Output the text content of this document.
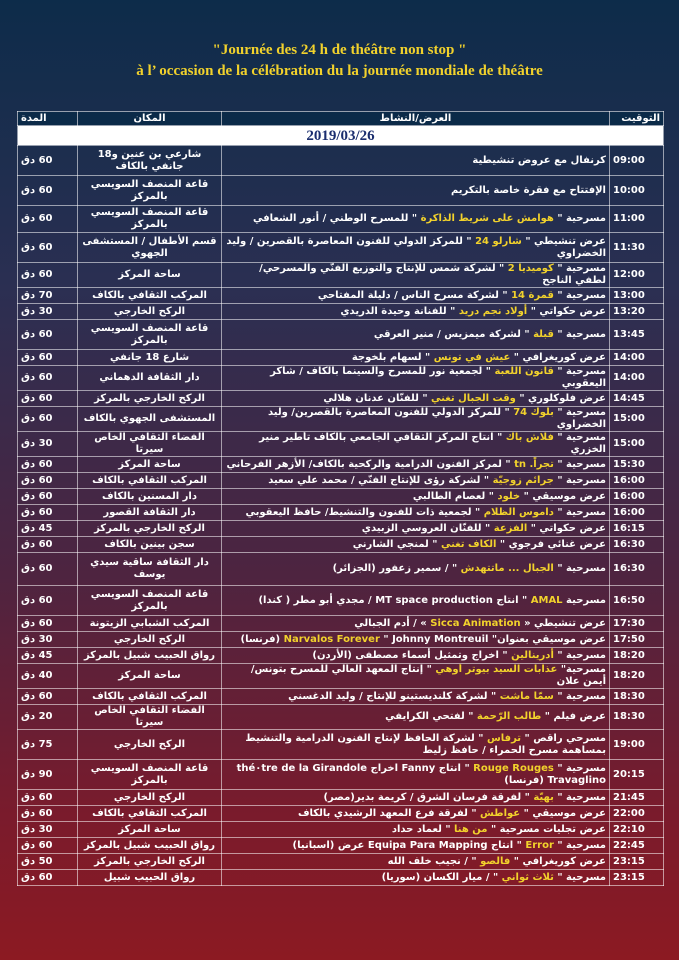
"Journée des 24 h de théâtre non stop "
à l’ occasion de la célébration du la journée mondiale de théâtre
التوقيت	العرض/النشاط	المكان	المدة
2019/03/26			
09:00	كرنفال مع عروض تنشيطية	شارعي بن عنين و18 جانفي بالكاف	60 دق
10:00	الإفتتاح مع فقرة خاصة بالتكريم	قاعة المنصف السويسي بالمركز	60 دق
11:00	مسرحية " هوامش على شريط الذاكرة " للمسرح الوطني / أنور الشعافي	قاعة المنصف السويسي بالمركز	60 دق
11:30	عرض تنشيطي " شارلو 24 " للمركز الدولي للفنون المعاصرة بالقصرين / وليد الخضراوي	قسم الأطفال / المستشفى الجهوي	60 دق
12:00	مسرحية " كوميديا 2 " لشركة شمس للإنتاج والتوزيع الفنّي والمسرحي/ لطفي الناجح	ساحة المركز	60 دق
13:00	مسرحية " قمرة 14 " لشركة مسرح الناس / دليلة المفتاحي	المركب الثقافي بالكاف	70 دق
13:20	عرض حكواتي " أولاد نجم دريد " للفنانة وحيدة الدريدي	الركح الخارجي	30 دق
13:45	مسرحية " قبلة " لشركة ميمزيس / منير العرقي	قاعة المنصف السويسي بالمركز	60 دق
14:00	عرض كوريغرافي " عيش في تونس " لسهام بلخوجة	شارع 18 جانفي	60 دق
14:00	مسرحية " قانون اللعبة " لجمعية نور للمسرح والسينما بالكاف / شاكر اليعقوبي	دار الثقافة الدهماني	60 دق
14:45	عرض فلوكلوري " وقت الجبال تغني " للفنّان عدنان هلالي	الركح الخارجي بالمركز	60 دق
15:00	مسرحية " بلوك 74 " للمركز الدولي للفنون المعاصرة بالقصرين/ وليد الخضراوي	المستشفى الجهوي بالكاف	60 دق
15:00	مسرحية " فلاش باك " انتاج المركز الثقافي الجامعي بالكاف تأطير منير الخزري	الفضاء الثقافي الخاص سيرتا	30 دق
15:30	مسرحية " تجراً. tn " لمركز الفنون الدرامية والركحية بالكاف/ الأزهر الفرحاني	ساحة المركز	60 دق
16:00	مسرحية " جرائم زوجيّة " لشركة رؤى للإنتاج الفنّي / محمد علي سعيد	المركب الثقافي بالكاف	60 دق
16:00	عرض موسيقي " خلود " لعصام الطالبي	دار المسنين بالكاف	60 دق
16:00	مسرحية " داموس الظلام " لجمعية ذات للفنون والتنشيط/ حافظ اليعقوبي	دار الثقافة القصور	60 دق
16:15	عرض حكواتي " الفزعة " للفنّان العروسي الزبيدي	الركح الخارجي بالمركز	45 دق
16:30	عرض غنائي فرجوي " الكاف تغني " لمنجي الشارني	سجن بينين بالكاف	60 دق
16:30	مسرحية " الجبال ... ماتتهدش " / سمير زعفور (الجزائر)	دار الثقافة ساقية سيدي يوسف	60 دق
16:50	مسرحية AMAL " انتاج MT space production / مجدي أبو مطر ( كندا)	قاعة المنصف السويسي بالمركز	60 دق
17:30	عرض تنشيطي « Sicca Animation » / أدم الجبالي	المركب الشبابي الزيتونة	60 دق
17:50	عرض موسيقي بعنوان" Narvalos Forever " Johnny Montreuil (فرنسا)	الركح الخارجي	30 دق
18:20	مسرحية " أدرينالين " اخراج وتمثيل أسماء مصطفى (الأردن)	رواق الحبيب شبيل بالمركز	45 دق
18:20	مسرحية" عذابات السيد بيوتر أوهي " إنتاج المعهد العالي للمسرح بتونس/ أيمن علان	ساحة المركز	40 دق
18:30	مسرحية " سمّا ماشت " لشركة كلنديستينو للإنتاج / وليد الدغسني	المركب الثقافي بالكاف	60 دق
18:30	عرض فيلم " طالب الرّحمة " لفتحي الكرايفي	الفضاء الثقافي الخاص سيرتا	20 دق
19:00	مسرحي راقص " ترفاس " لشركة الحافظ لإنتاج الفنون الدرامية والتنشيط بمساهمة مسرح الحمراء / حافظ زليط	الركح الخارجي	75 دق
20:15	مسرحية " Rouge Rouges " انتاج Fanny اخراج thé٠tre de la Girandole Travaglino (فرنسا)	قاعة المنصف السويسي بالمركز	90 دق
21:45	مسرحية " بهيّة " لفرقة فرسان الشرق / كريمة بدير(مصر)	الركح الخارجي	60 دق
22:00	عرض موسيقي " عواطش " لفرقة فرع المعهد الرشيدي بالكاف	المركب الثقافي بالكاف	60 دق
22:10	عرض تجليات مسرحية " من هنا " لعماد حداد	ساحة المركز	30 دق
22:45	مسرحية " Error " انتاج Equipa Para Mapping عرض (اسبانيا)	رواق الحبيب شبيل بالمركز	60 دق
23:15	عرض كوريغرافي " فالصو " / نجيب خلف الله	الركح الخارجي بالمركز	50 دق
23:15	مسرحية " ثلاث ثواني " / ميار الكسان (سوريا)	رواق الحبيب شبيل	60 دق
